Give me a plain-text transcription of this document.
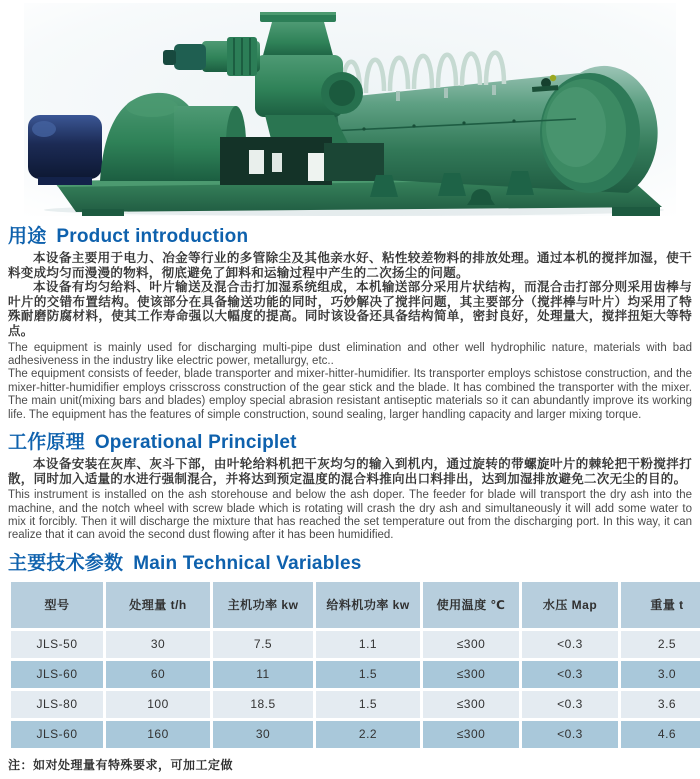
用途 Product introduction

本设备主要用于电力、冶金等行业的多管除尘及其他亲水好、粘性较差物料的排放处理。通过本机的搅拌加湿，使干料变成均匀而漫漫的物料，彻底避免了卸料和运输过程中产生的二次扬尘的问题。

本设备有均匀给料、叶片输送及混合击打加湿系统组成，本机输送部分采用片状结构，而混合击打部分则采用齿棒与叶片的交错布置结构。使该部分在具备输送功能的同时，巧妙解决了搅拌问题，其主要部分（搅拌棒与叶片）均采用了特殊耐磨防腐材料，使其工作寿命强以大幅度的提高。同时该设备还具备结构简单，密封良好，处理量大，搅拌扭矩大等特点。

The equipment is mainly used for discharging multi-pipe dust elimination and other well hydrophilic nature, materials with bad adhesiveness in the industry like electric power, metallurgy, etc..

The equipment consists of feeder, blade transporter and mixer-hitter-humidifier. Its transporter employs schistose construction, and the mixer-hitter-humidifier employs crisscross construction of the gear stick and the blade. It has combined the transporter with the mixer. The main unit(mixing bars and blades) employ special abrasion resistant antiseptic materials so it can abundantly improve its working life. The equipment has the features of simple construction, sound sealing, larger handling capacity and larger mixing torque.

工作原理 Operational Principlet

本设备安装在灰库、灰斗下部，由叶轮给料机把干灰均匀的输入到机内，通过旋转的带螺旋叶片的棘轮把干粉搅拌打散，同时加入适量的水进行强制混合，并将达到预定温度的混合料推向出口料排出，达到加湿排放避免二次无尘的目的。

This instrument is installed on the ash storehouse and below the ash doper. The feeder for blade will transport the dry ash into the machine, and the notch wheel with screw blade which is rotating will crash the dry ash and simultaneously it will add some water to mix it forcibly. Then it will discharge the mixture that has reached the set temperature out from the discharging port. In this way, it can realize that it can avoid the second dust flowing after it has been humidified.

主要技术参数 Main Technical Variables
型号	处理量 t/h	主机功率 kw	给料机功率 kw	使用温度 ℃	水压 Map	重量 t
JLS-50	30	7.5	1.1	≤300	<0.3	2.5
JLS-60	60	11	1.5	≤300	<0.3	3.0
JLS-80	100	18.5	1.5	≤300	<0.3	3.6
JLS-60	160	30	2.2	≤300	<0.3	4.6

注：如对处理量有特殊要求，可加工定做
